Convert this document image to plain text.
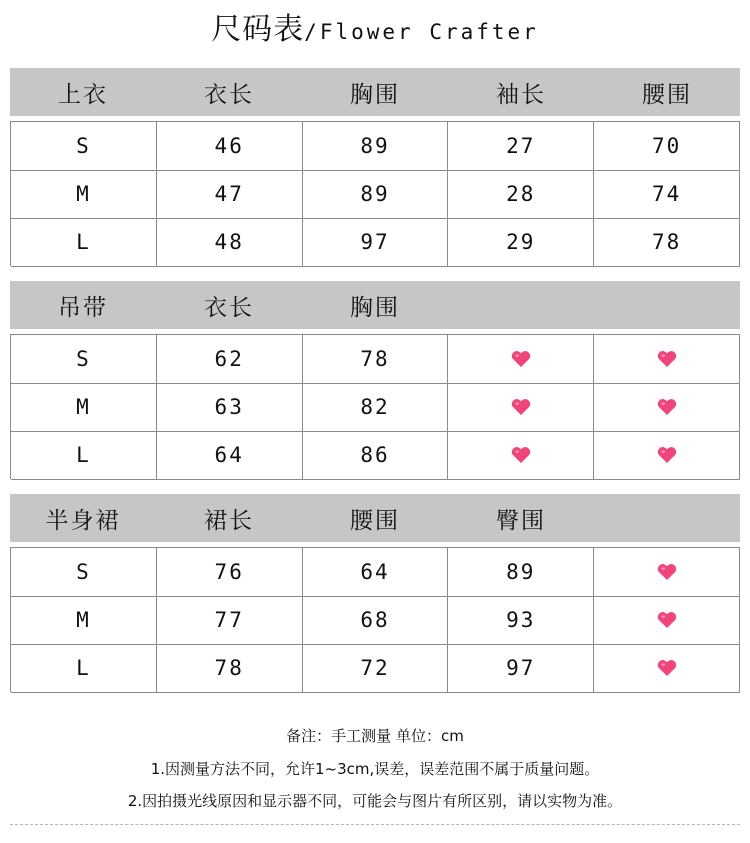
尺码表/Flower Crafter
上衣	衣长	胸围	袖长	腰围
S	46	89	27	70
M	47	89	28	74
L	48	97	29	78
吊带	衣长	胸围
S	62	78
M	63	82
L	64	86
半身裙	裙长	腰围	臀围
S	76	64	89
M	77	68	93
L	78	72	97
备注：手工测量 单位：cm
1.因测量方法不同，允许1~3cm,误差，误差范围不属于质量问题。
2.因拍摄光线原因和显示器不同，可能会与图片有所区别，请以实物为准。
